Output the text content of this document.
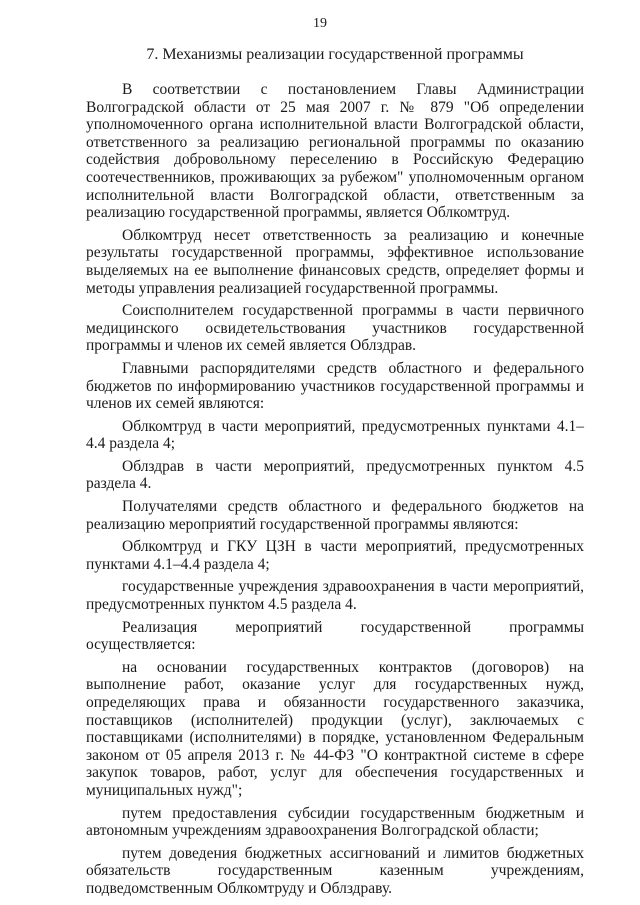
19
7. Механизмы реализации государственной программы

В соответствии с постановлением Главы Администрации Волгоградской области от 25 мая 2007 г. № 879 "Об определении уполномоченного органа исполнительной власти Волгоградской области, ответственного за реализацию региональной программы по оказанию содействия добровольному переселению в Российскую Федерацию соотечественников, проживающих за рубежом" уполномоченным органом исполнительной власти Волгоградской области, ответственным за реализацию государственной программы, является Облкомтруд.

Облкомтруд несет ответственность за реализацию и конечные результаты государственной программы, эффективное использование выделяемых на ее выполнение финансовых средств, определяет формы и методы управления реализацией государственной программы.

Соисполнителем государственной программы в части первичного медицинского освидетельствования участников государственной программы и членов их семей является Облздрав.

Главными распорядителями средств областного и федерального бюджетов по информированию участников государственной программы и членов их семей являются:

Облкомтруд в части мероприятий, предусмотренных пунктами 4.1–4.4 раздела 4;

Облздрав в части мероприятий, предусмотренных пунктом 4.5 раздела 4.

Получателями средств областного и федерального бюджетов на реализацию мероприятий государственной программы являются:

Облкомтруд и ГКУ ЦЗН в части мероприятий, предусмотренных пунктами 4.1–4.4 раздела 4;

государственные учреждения здравоохранения в части мероприятий, предусмотренных пунктом 4.5 раздела 4.

Реализация мероприятий государственной программы осуществляется:

на основании государственных контрактов (договоров) на выполнение работ, оказание услуг для государственных нужд, определяющих права и обязанности государственного заказчика, поставщиков (исполнителей) продукции (услуг), заключаемых с поставщиками (исполнителями) в порядке, установленном Федеральным законом от 05 апреля 2013 г. № 44-ФЗ "О контрактной системе в сфере закупок товаров, работ, услуг для обеспечения государственных и муниципальных нужд";

путем предоставления субсидии государственным бюджетным и автономным учреждениям здравоохранения Волгоградской области;

путем доведения бюджетных ассигнований и лимитов бюджетных обязательств государственным казенным учреждениям, подведомственным Облкомтруду и Облздраву.
